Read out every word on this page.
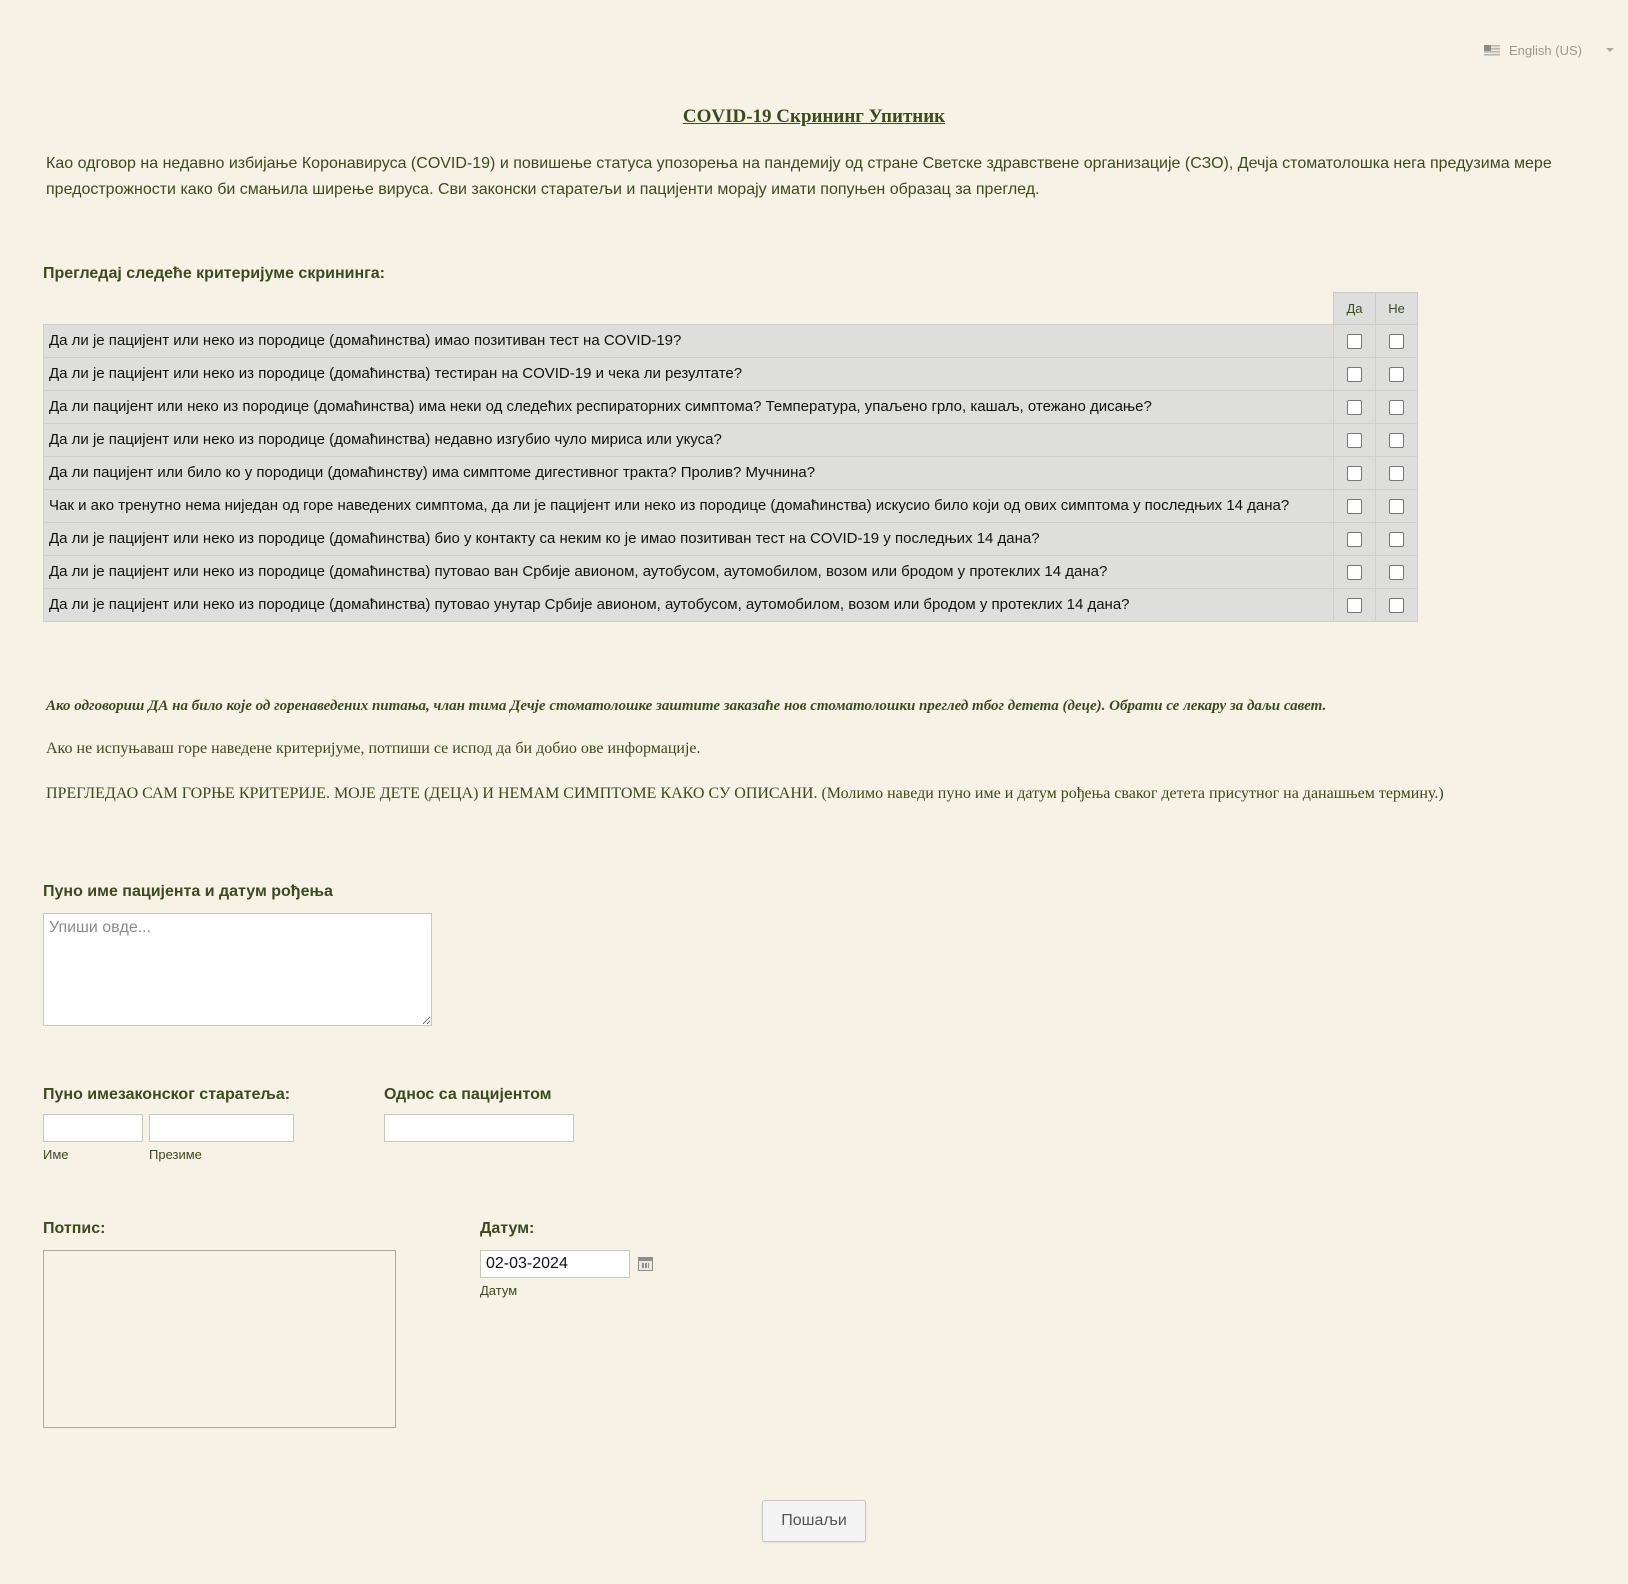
English (US)
COVID-19 Скрининг Упитник
Као одговор на недавно избијање Коронавируса (COVID-19) и повишење статуса упозорења на пандемију од стране Светске здравствене организације (СЗО), Дечја стоматолошка нега предузима мере предострожности како би смањила ширење вируса. Сви законски старатељи и пацијенти морају имати попуњен образац за преглед.
Прегледај следеће критеријуме скрининга:
	Да	Не
Да ли је пацијент или неко из породице (домаћинства) имао позитиван тест на COVID-19?		
Да ли је пацијент или неко из породице (домаћинства) тестиран на COVID-19 и чека ли резултате?		
Да ли пацијент или неко из породице (домаћинства) има неки од следећих респираторних симптома? Температура, упаљено грло, кашаљ, отежано дисање?		
Да ли је пацијент или неко из породице (домаћинства) недавно изгубио чуло мириса или укуса?		
Да ли пацијент или било ко у породици (домаћинству) има симптоме дигестивног тракта? Пролив? Мучнина?		
Чак и ако тренутно нема ниједан од горе наведених симптома, да ли је пацијент или неко из породице (домаћинства) искусио било који од ових симптома у последњих 14 дана?		
Да ли је пацијент или неко из породице (домаћинства) био у контакту са неким ко је имао позитиван тест на COVID-19 у последњих 14 дана?		
Да ли је пацијент или неко из породице (домаћинства) путовао ван Србије авионом, аутобусом, аутомобилом, возом или бродом у протеклих 14 дана?		
Да ли је пацијент или неко из породице (домаћинства) путовао унутар Србије авионом, аутобусом, аутомобилом, возом или бродом у протеклих 14 дана?		
Ако одговориш ДА на било које од горенаведених питања, члан тима Дечје стоматолошке заштите заказаће нов стоматолошки преглед тбог детета (деце). Обрати се лекару за даљи савет.
Ако не испуњаваш горе наведене критеријуме, потпиши се испод да би добио ове информације.
ПРЕГЛЕДАО САМ ГОРЊЕ КРИТЕРИЈЕ. МОЈЕ ДЕТЕ (ДЕЦА) И НЕМАМ СИМПТОМЕ КАКО СУ ОПИСАНИ. (Молимо наведи пуно име и датум рођења сваког детета присутног на данашњем термину.)
Пуно име пацијента и датум рођења
Упиши овде...
Пуно имезаконског старатеља:
Име	Презиме
Однос са пацијентом
Потпис:	Датум:
02-03-2024
Датум
Пошаљи
